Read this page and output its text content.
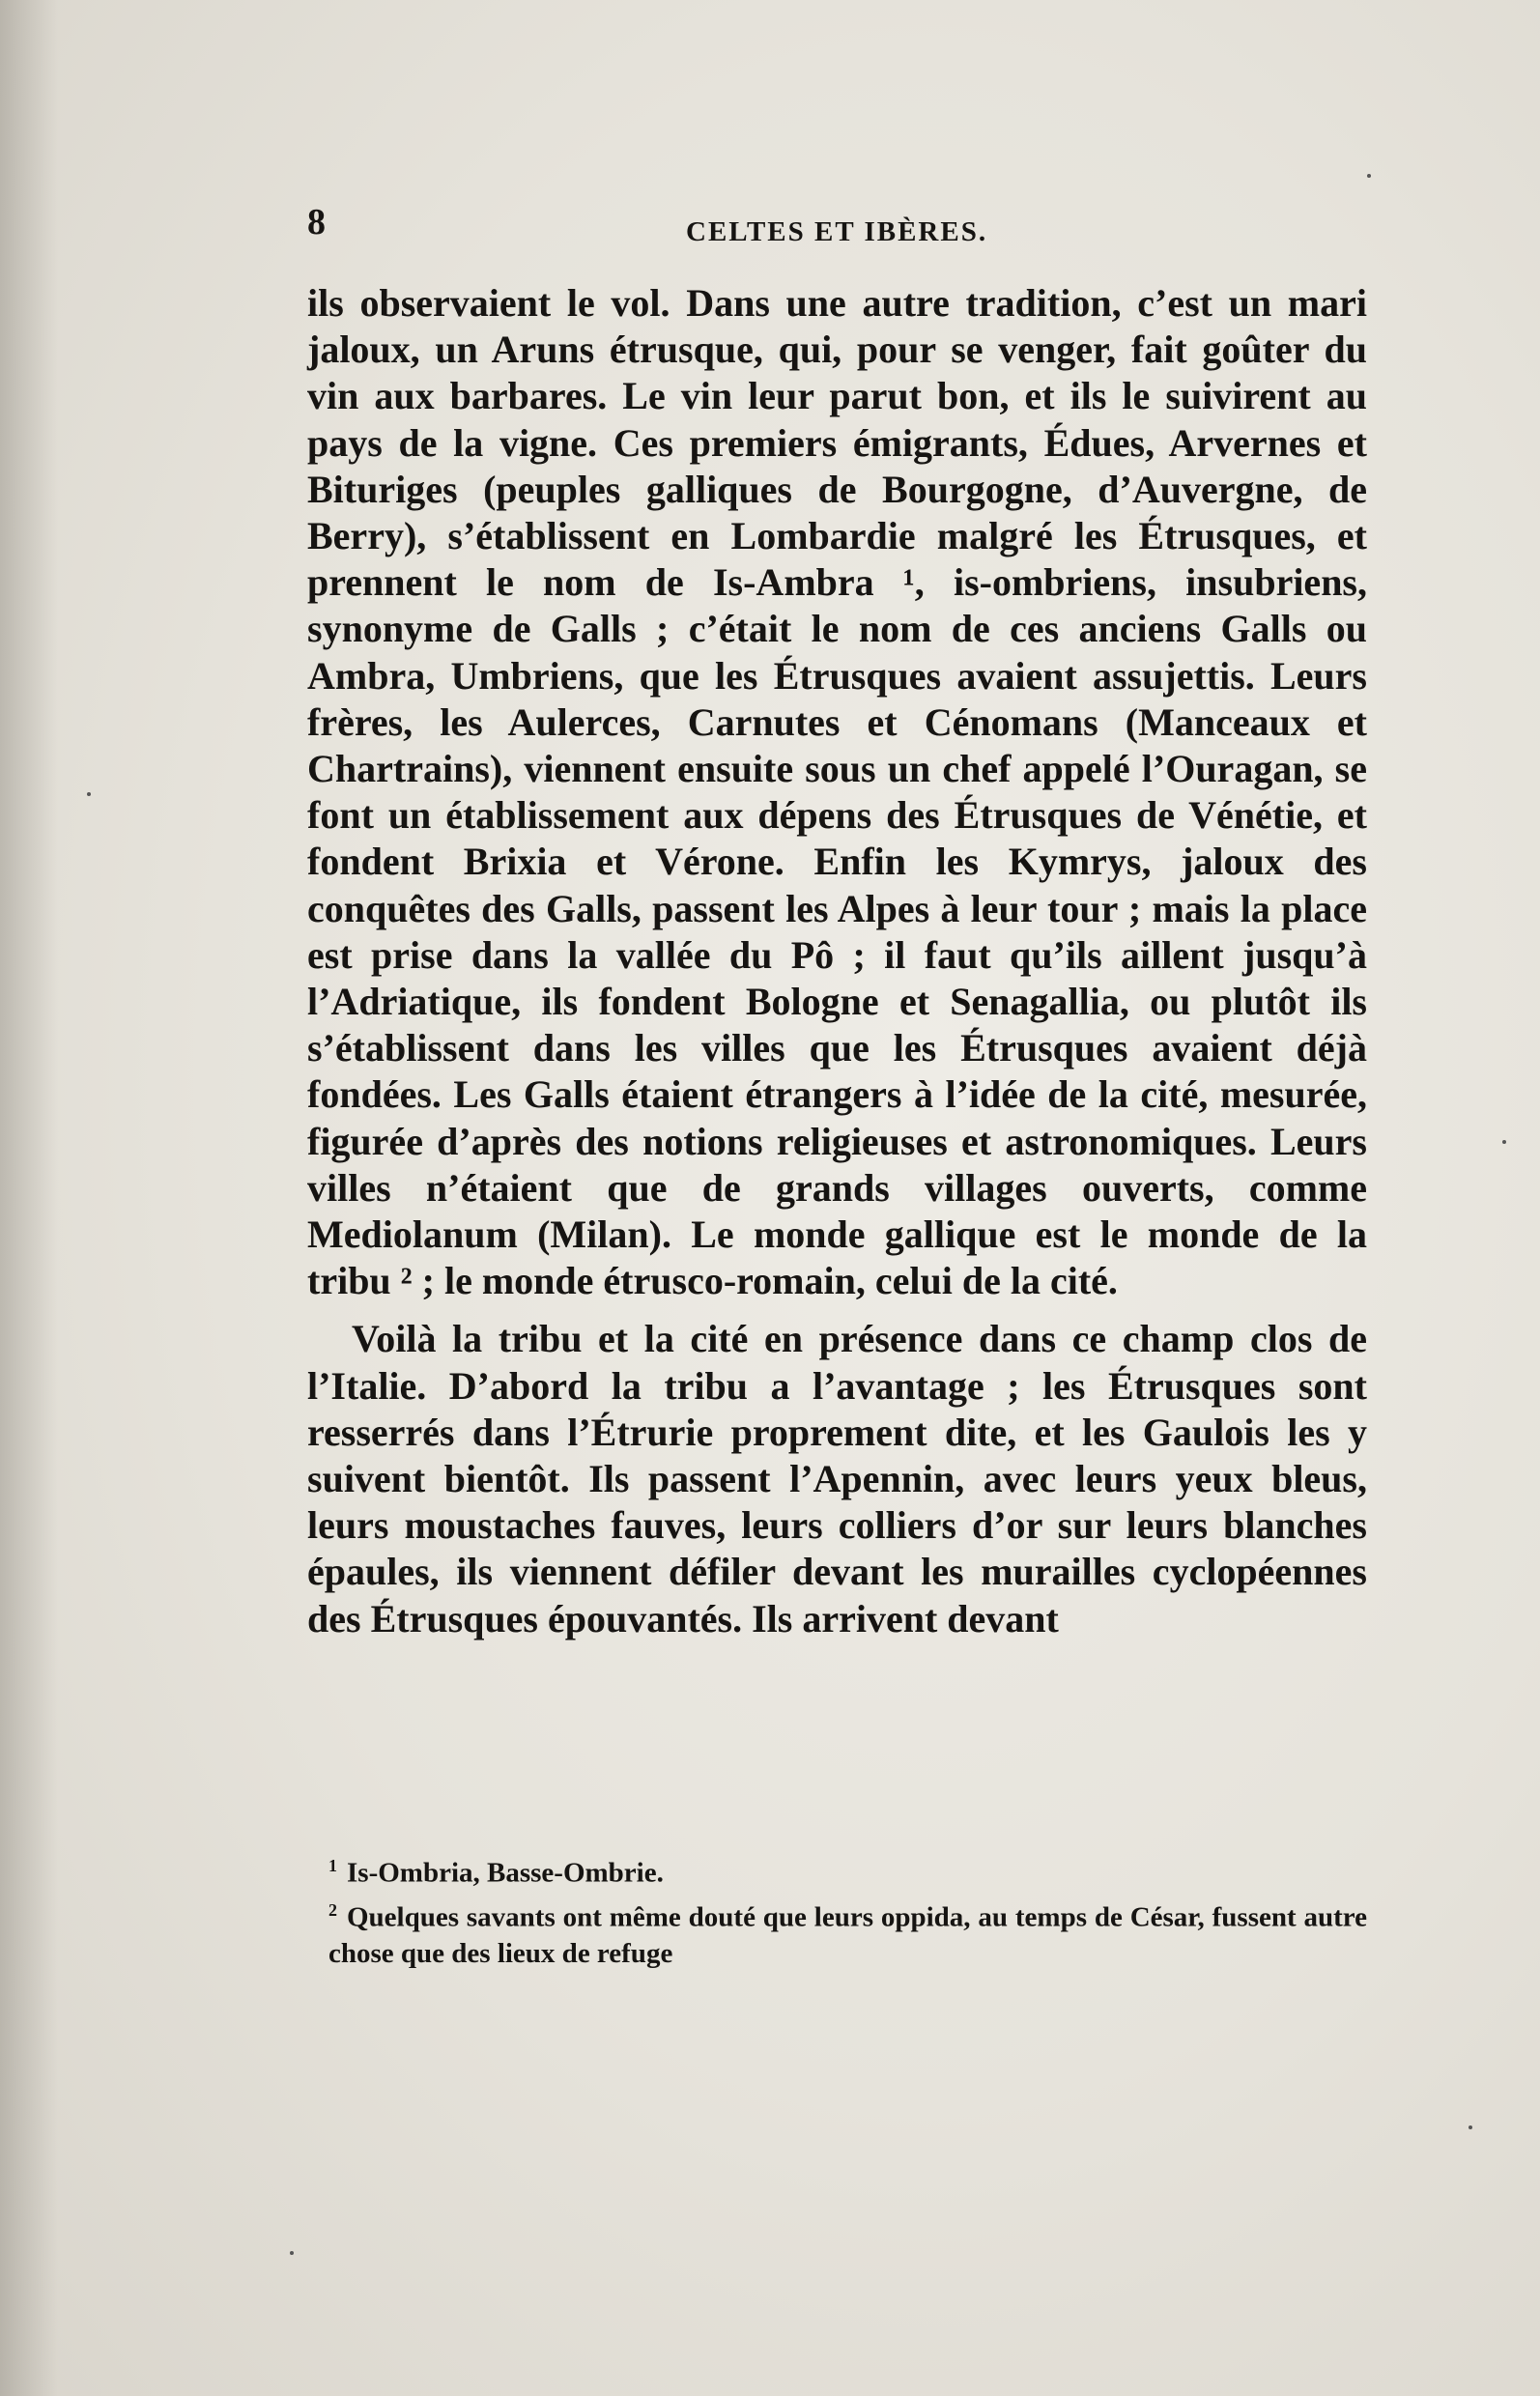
8	CELTES ET IBÈRES.

ils observaient le vol. Dans une autre tradition, c’est un mari jaloux, un Aruns étrusque, qui, pour se venger, fait goûter du vin aux barbares. Le vin leur parut bon, et ils le suivirent au pays de la vigne. Ces premiers émigrants, Édues, Arvernes et Bituriges (peuples galliques de Bourgogne, d’Auvergne, de Berry), s’établissent en Lombardie malgré les Étrusques, et prennent le nom de Is-Ambra ¹, is-ombriens, insubriens, synonyme de Galls ; c’était le nom de ces anciens Galls ou Ambra, Umbriens, que les Étrusques avaient assujettis. Leurs frères, les Aulerces, Carnutes et Cénomans (Manceaux et Chartrains), viennent ensuite sous un chef appelé l’Ouragan, se font un établissement aux dépens des Étrusques de Vénétie, et fondent Brixia et Vérone. Enfin les Kymrys, jaloux des conquêtes des Galls, passent les Alpes à leur tour ; mais la place est prise dans la vallée du Pô ; il faut qu’ils aillent jusqu’à l’Adriatique, ils fondent Bologne et Senagallia, ou plutôt ils s’établissent dans les villes que les Étrusques avaient déjà fondées. Les Galls étaient étrangers à l’idée de la cité, mesurée, figurée d’après des notions religieuses et astronomiques. Leurs villes n’étaient que de grands villages ouverts, comme Mediolanum (Milan). Le monde gallique est le monde de la tribu ² ; le monde étrusco-romain, celui de la cité.

Voilà la tribu et la cité en présence dans ce champ clos de l’Italie. D’abord la tribu a l’avantage ; les Étrusques sont resserrés dans l’Étrurie proprement dite, et les Gaulois les y suivent bientôt. Ils passent l’Apennin, avec leurs yeux bleus, leurs moustaches fauves, leurs colliers d’or sur leurs blanches épaules, ils viennent défiler devant les murailles cyclopéennes des Étrusques épouvantés. Ils arrivent devant

$^1$ Is-Ombria, Basse-Ombrie.

$^2$ Quelques savants ont même douté que leurs oppida, au temps de César, fussent autre chose que des lieux de refuge
